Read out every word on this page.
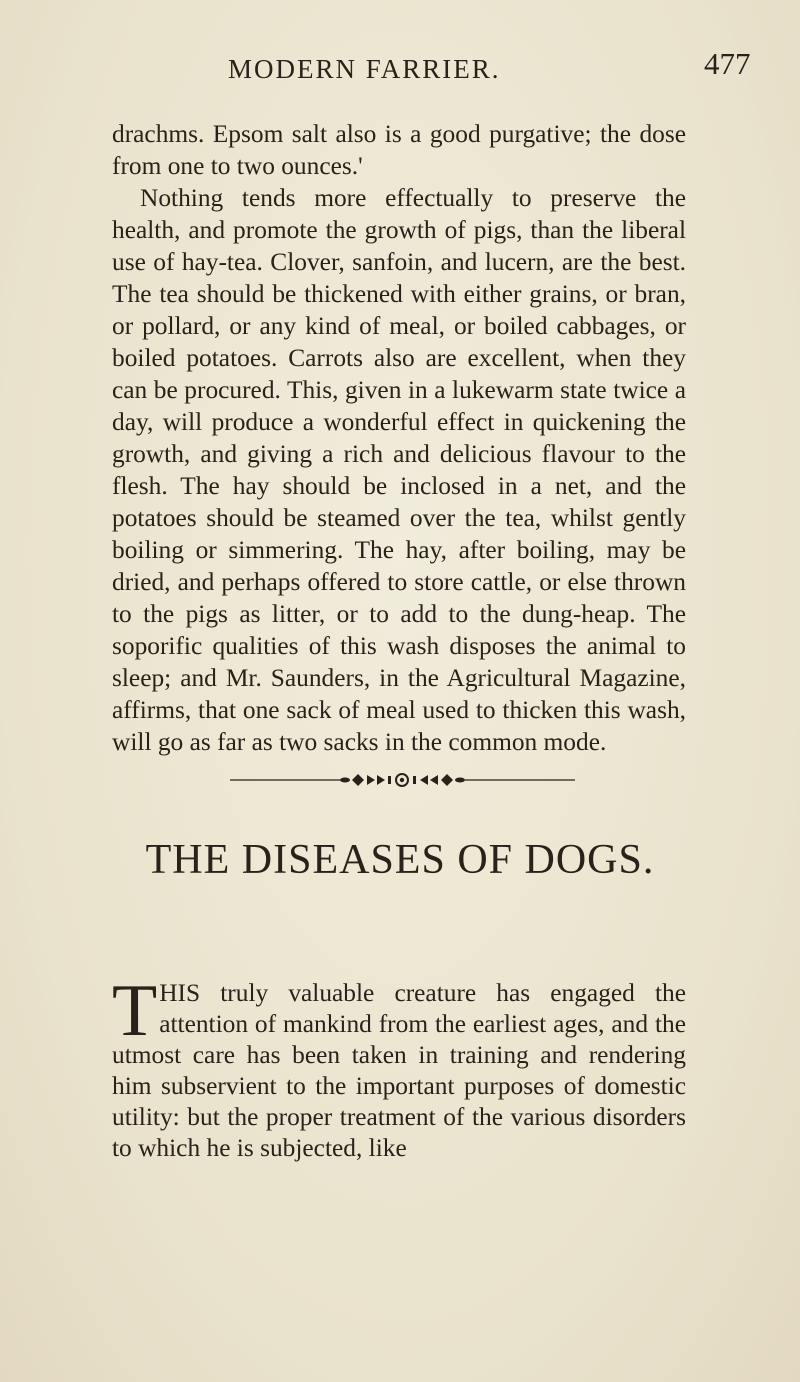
MODERN FARRIER.	477

drachms. Epsom salt also is a good purgative; the dose from one to two ounces.'

Nothing tends more effectually to preserve the health, and promote the growth of pigs, than the liberal use of hay-tea. Clover, sanfoin, and lucern, are the best. The tea should be thickened with either grains, or bran, or pollard, or any kind of meal, or boiled cabbages, or boiled potatoes. Carrots also are excellent, when they can be procured. This, given in a lukewarm state twice a day, will produce a wonderful effect in quickening the growth, and giving a rich and delicious flavour to the flesh. The hay should be inclosed in a net, and the potatoes should be steamed over the tea, whilst gently boiling or simmering. The hay, after boiling, may be dried, and perhaps offered to store cattle, or else thrown to the pigs as litter, or to add to the dung-heap. The soporific qualities of this wash disposes the animal to sleep; and Mr. Saunders, in the Agricultural Magazine, affirms, that one sack of meal used to thicken this wash, will go as far as two sacks in the common mode.

THE DISEASES OF DOGS.
THIS truly valuable creature has engaged the attention of mankind from the earliest ages, and the utmost care has been taken in training and rendering him subservient to the important purposes of domestic utility: but the proper treatment of the various disorders to which he is subjected, like
